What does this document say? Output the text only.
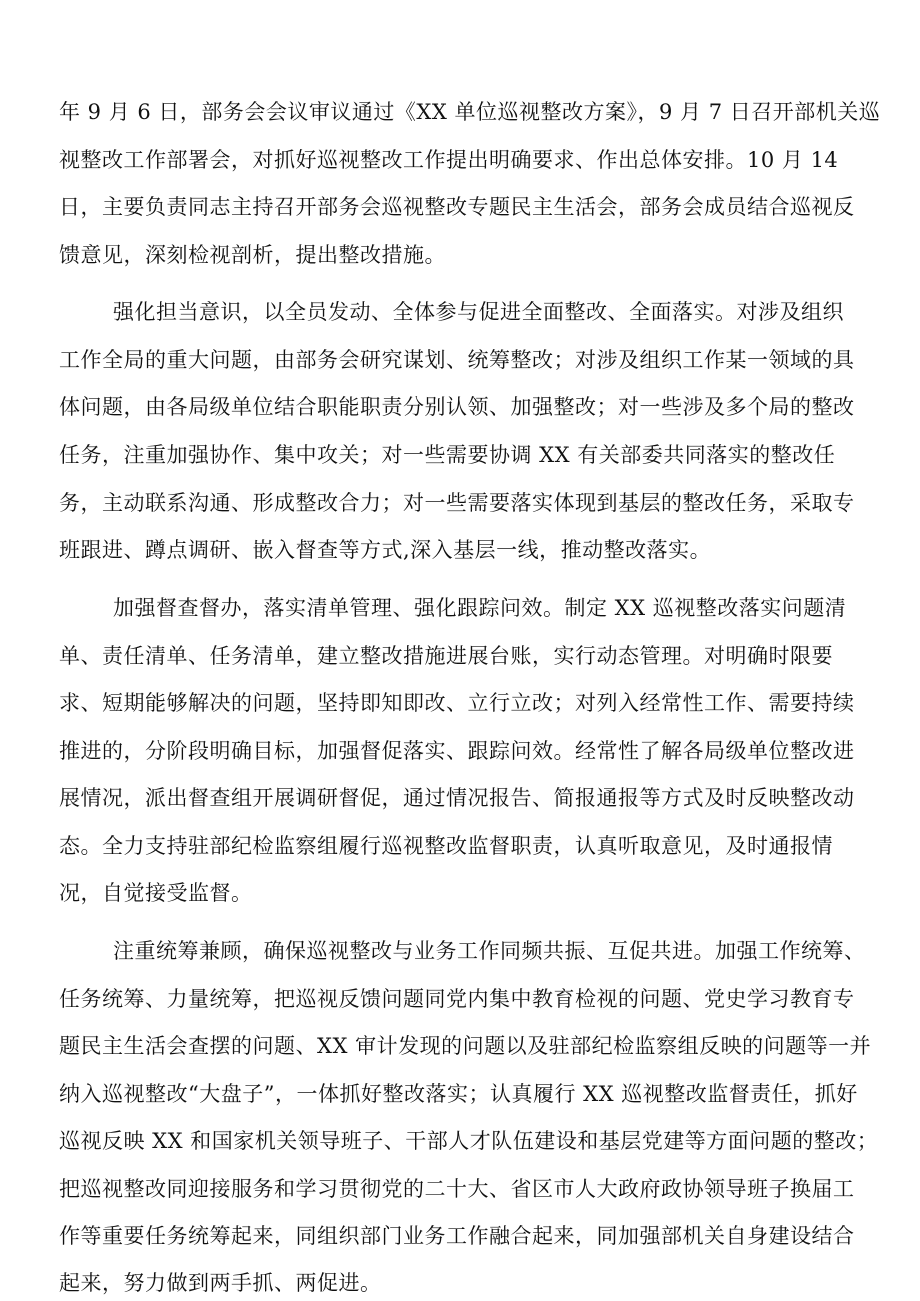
年 9 月 6 日，部务会会议审议通过《XX 单位巡视整改方案》，9 月 7 日召开部机关巡
视整改工作部署会，对抓好巡视整改工作提出明确要求、作出总体安排。10 月 14
日，主要负责同志主持召开部务会巡视整改专题民主生活会，部务会成员结合巡视反
馈意见，深刻检视剖析，提出整改措施。
强化担当意识，以全员发动、全体参与促进全面整改、全面落实。对涉及组织
工作全局的重大问题，由部务会研究谋划、统筹整改；对涉及组织工作某一领域的具
体问题，由各局级单位结合职能职责分别认领、加强整改；对一些涉及多个局的整改
任务，注重加强协作、集中攻关；对一些需要协调 XX 有关部委共同落实的整改任
务，主动联系沟通、形成整改合力；对一些需要落实体现到基层的整改任务，采取专
班跟进、蹲点调研、嵌入督查等方式,深入基层一线，推动整改落实。
加强督查督办，落实清单管理、强化跟踪问效。制定 XX 巡视整改落实问题清
单、责任清单、任务清单，建立整改措施进展台账，实行动态管理。对明确时限要
求、短期能够解决的问题，坚持即知即改、立行立改；对列入经常性工作、需要持续
推进的，分阶段明确目标，加强督促落实、跟踪问效。经常性了解各局级单位整改进
展情况，派出督查组开展调研督促，通过情况报告、简报通报等方式及时反映整改动
态。全力支持驻部纪检监察组履行巡视整改监督职责，认真听取意见，及时通报情
况，自觉接受监督。
注重统筹兼顾，确保巡视整改与业务工作同频共振、互促共进。加强工作统筹、
任务统筹、力量统筹，把巡视反馈问题同党内集中教育检视的问题、党史学习教育专
题民主生活会查摆的问题、XX 审计发现的问题以及驻部纪检监察组反映的问题等一并
纳入巡视整改“大盘子”，一体抓好整改落实；认真履行 XX 巡视整改监督责任，抓好
巡视反映 XX 和国家机关领导班子、干部人才队伍建设和基层党建等方面问题的整改；
把巡视整改同迎接服务和学习贯彻党的二十大、省区市人大政府政协领导班子换届工
作等重要任务统筹起来，同组织部门业务工作融合起来，同加强部机关自身建设结合
起来，努力做到两手抓、两促进。
